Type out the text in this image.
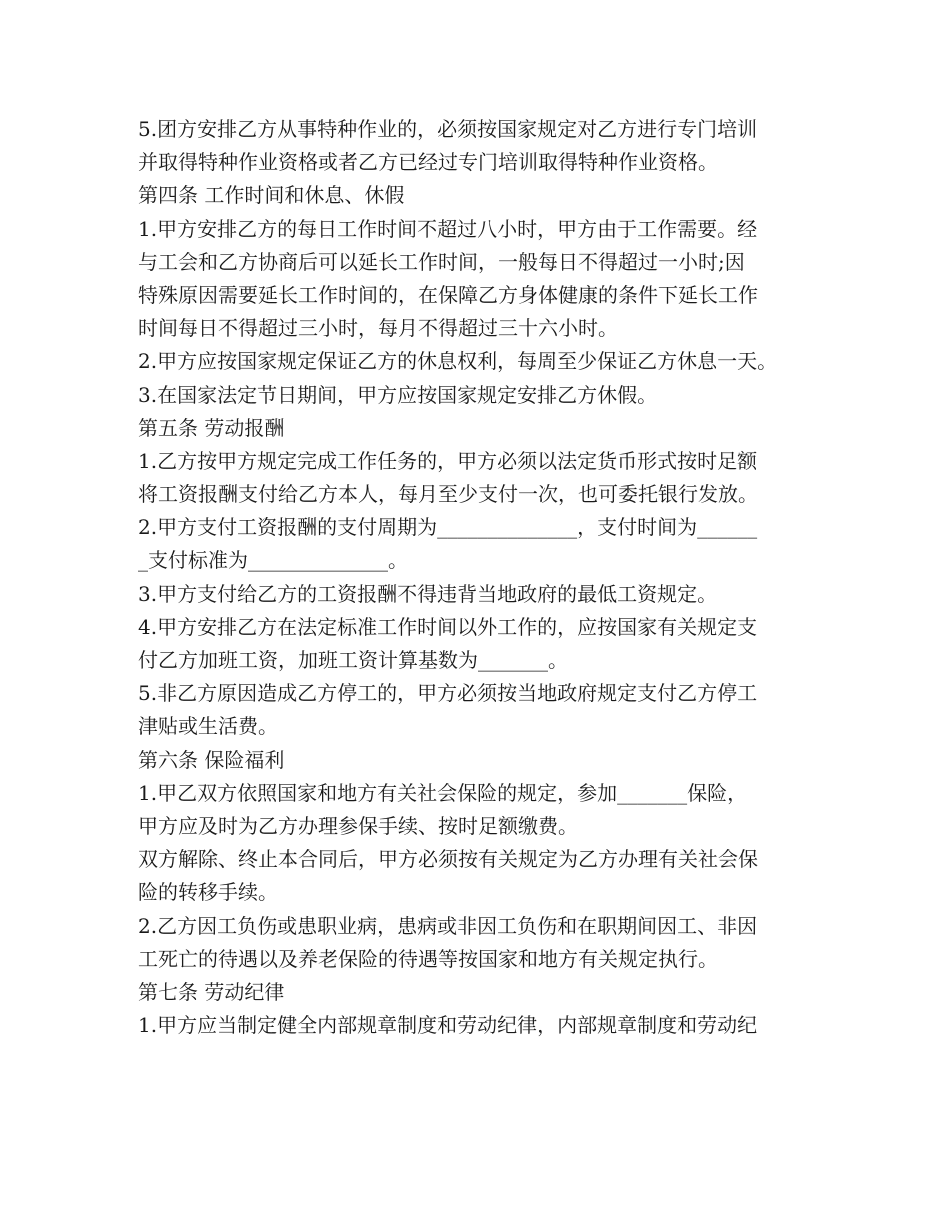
5.团方安排乙方从事特种作业的，必须按国家规定对乙方进行专门培训
并取得特种作业资格或者乙方已经过专门培训取得特种作业资格。
第四条 工作时间和休息、休假
1.甲方安排乙方的每日工作时间不超过八小时，甲方由于工作需要。经
与工会和乙方协商后可以延长工作时间，一般每日不得超过一小时;因
特殊原因需要延长工作时间的，在保障乙方身体健康的条件下延长工作
时间每日不得超过三小时，每月不得超过三十六小时。
2.甲方应按国家规定保证乙方的休息权利，每周至少保证乙方休息一天。
3.在国家法定节日期间，甲方应按国家规定安排乙方休假。
第五条 劳动报酬
1.乙方按甲方规定完成工作任务的，甲方必须以法定货币形式按时足额
将工资报酬支付给乙方本人，每月至少支付一次，也可委托银行发放。
2.甲方支付工资报酬的支付周期为______________，支付时间为______
_支付标准为______________。
3.甲方支付给乙方的工资报酬不得违背当地政府的最低工资规定。
4.甲方安排乙方在法定标准工作时间以外工作的，应按国家有关规定支
付乙方加班工资，加班工资计算基数为_______。
5.非乙方原因造成乙方停工的，甲方必须按当地政府规定支付乙方停工
津贴或生活费。
第六条 保险福利
1.甲乙双方依照国家和地方有关社会保险的规定，参加_______保险，
甲方应及时为乙方办理参保手续、按时足额缴费。
双方解除、终止本合同后，甲方必须按有关规定为乙方办理有关社会保
险的转移手续。
2.乙方因工负伤或患职业病，患病或非因工负伤和在职期间因工、非因
工死亡的待遇以及养老保险的待遇等按国家和地方有关规定执行。
第七条 劳动纪律
1.甲方应当制定健全内部规章制度和劳动纪律，内部规章制度和劳动纪
